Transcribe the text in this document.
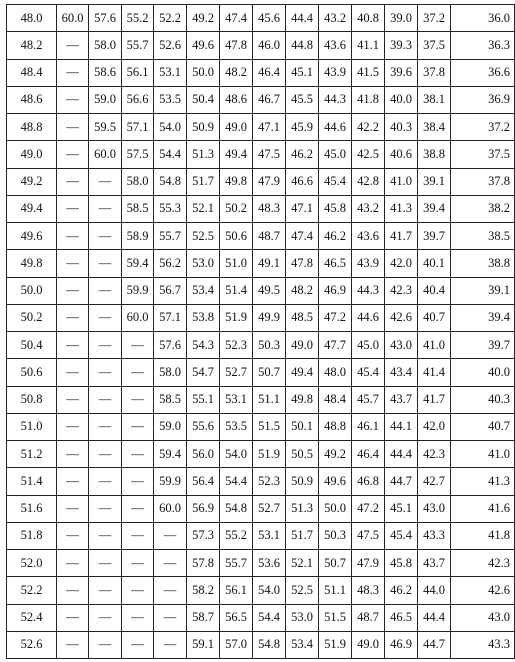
48.0	60.0	57.6	55.2	52.2	49.2	47.4	45.6	44.4	43.2	40.8	39.0	37.2	36.0
48.2	—	58.0	55.7	52.6	49.6	47.8	46.0	44.8	43.6	41.1	39.3	37.5	36.3
48.4	—	58.6	56.1	53.1	50.0	48.2	46.4	45.1	43.9	41.5	39.6	37.8	36.6
48.6	—	59.0	56.6	53.5	50.4	48.6	46.7	45.5	44.3	41.8	40.0	38.1	36.9
48.8	—	59.5	57.1	54.0	50.9	49.0	47.1	45.9	44.6	42.2	40.3	38.4	37.2
49.0	—	60.0	57.5	54.4	51.3	49.4	47.5	46.2	45.0	42.5	40.6	38.8	37.5
49.2	—	—	58.0	54.8	51.7	49.8	47.9	46.6	45.4	42.8	41.0	39.1	37.8
49.4	—	—	58.5	55.3	52.1	50.2	48.3	47.1	45.8	43.2	41.3	39.4	38.2
49.6	—	—	58.9	55.7	52.5	50.6	48.7	47.4	46.2	43.6	41.7	39.7	38.5
49.8	—	—	59.4	56.2	53.0	51.0	49.1	47.8	46.5	43.9	42.0	40.1	38.8
50.0	—	—	59.9	56.7	53.4	51.4	49.5	48.2	46.9	44.3	42.3	40.4	39.1
50.2	—	—	60.0	57.1	53.8	51.9	49.9	48.5	47.2	44.6	42.6	40.7	39.4
50.4	—	—	—	57.6	54.3	52.3	50.3	49.0	47.7	45.0	43.0	41.0	39.7
50.6	—	—	—	58.0	54.7	52.7	50.7	49.4	48.0	45.4	43.4	41.4	40.0
50.8	—	—	—	58.5	55.1	53.1	51.1	49.8	48.4	45.7	43.7	41.7	40.3
51.0	—	—	—	59.0	55.6	53.5	51.5	50.1	48.8	46.1	44.1	42.0	40.7
51.2	—	—	—	59.4	56.0	54.0	51.9	50.5	49.2	46.4	44.4	42.3	41.0
51.4	—	—	—	59.9	56.4	54.4	52.3	50.9	49.6	46.8	44.7	42.7	41.3
51.6	—	—	—	60.0	56.9	54.8	52.7	51.3	50.0	47.2	45.1	43.0	41.6
51.8	—	—	—	—	57.3	55.2	53.1	51.7	50.3	47.5	45.4	43.3	41.8
52.0	—	—	—	—	57.8	55.7	53.6	52.1	50.7	47.9	45.8	43.7	42.3
52.2	—	—	—	—	58.2	56.1	54.0	52.5	51.1	48.3	46.2	44.0	42.6
52.4	—	—	—	—	58.7	56.5	54.4	53.0	51.5	48.7	46.5	44.4	43.0
52.6	—	—	—	—	59.1	57.0	54.8	53.4	51.9	49.0	46.9	44.7	43.3
